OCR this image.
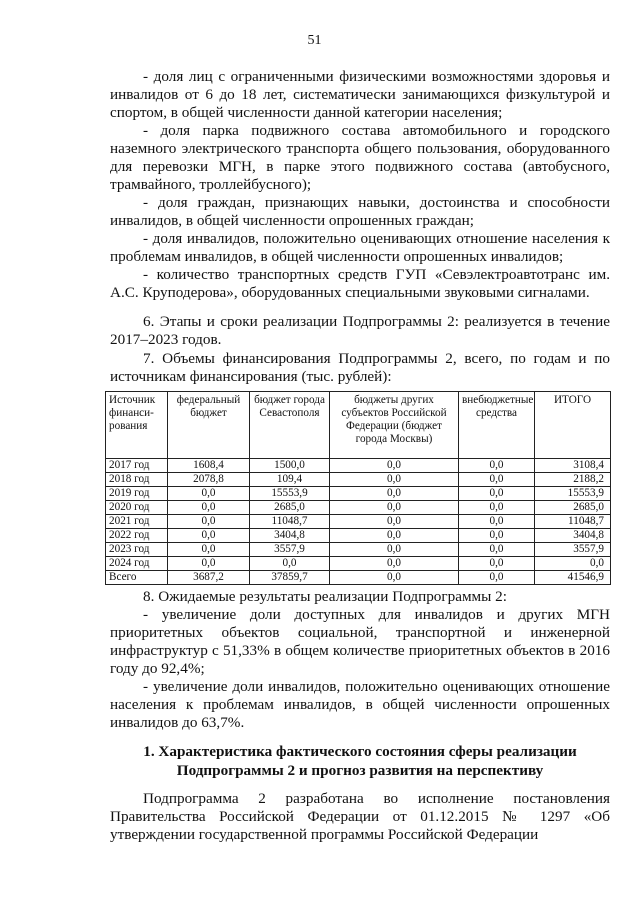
51

- доля лиц с ограниченными физическими возможностями здоровья и инвалидов от 6 до 18 лет, систематически занимающихся физкультурой и спортом, в общей численности данной категории населения;

- доля парка подвижного состава автомобильного и городского наземного электрического транспорта общего пользования, оборудованного для перевозки МГН, в парке этого подвижного состава (автобусного, трамвайного, троллейбусного);

- доля граждан, признающих навыки, достоинства и способности инвалидов, в общей численности опрошенных граждан;

- доля инвалидов, положительно оценивающих отношение населения к проблемам инвалидов, в общей численности опрошенных инвалидов;

- количество транспортных средств ГУП «Севэлектроавтотранс им. А.С. Круподерова», оборудованных специальными звуковыми сигналами.

6. Этапы и сроки реализации Подпрограммы 2: реализуется в течение 2017–2023 годов.

7. Объемы финансирования Подпрограммы 2, всего, по годам и по источникам финансирования (тыс. рублей):

Источник финанси-рования	федеральный бюджет	бюджет города Севастополя	бюджеты других субъектов Российской Федерации (бюджет города Москвы)	внебюджетные средства	ИТОГО
2017 год	1608,4	1500,0	0,0	0,0	3108,4
2018 год	2078,8	109,4	0,0	0,0	2188,2
2019 год	0,0	15553,9	0,0	0,0	15553,9
2020 год	0,0	2685,0	0,0	0,0	2685,0
2021 год	0,0	11048,7	0,0	0,0	11048,7
2022 год	0,0	3404,8	0,0	0,0	3404,8
2023 год	0,0	3557,9	0,0	0,0	3557,9
2024 год	0,0	0,0	0,0	0,0	0,0
Всего	3687,2	37859,7	0,0	0,0	41546,9

8. Ожидаемые результаты реализации Подпрограммы 2:

- увеличение доли доступных для инвалидов и других МГН приоритетных объектов социальной, транспортной и инженерной инфраструктур с 51,33% в общем количестве приоритетных объектов в 2016 году до 92,4%;

- увеличение доли инвалидов, положительно оценивающих отношение населения к проблемам инвалидов, в общей численности опрошенных инвалидов до 63,7%.

1. Характеристика фактического состояния сферы реализации
Подпрограммы 2 и прогноз развития на перспективу

Подпрограмма 2 разработана во исполнение постановления Правительства Российской Федерации от 01.12.2015 № 1297 «Об утверждении государственной программы Российской Федерации
